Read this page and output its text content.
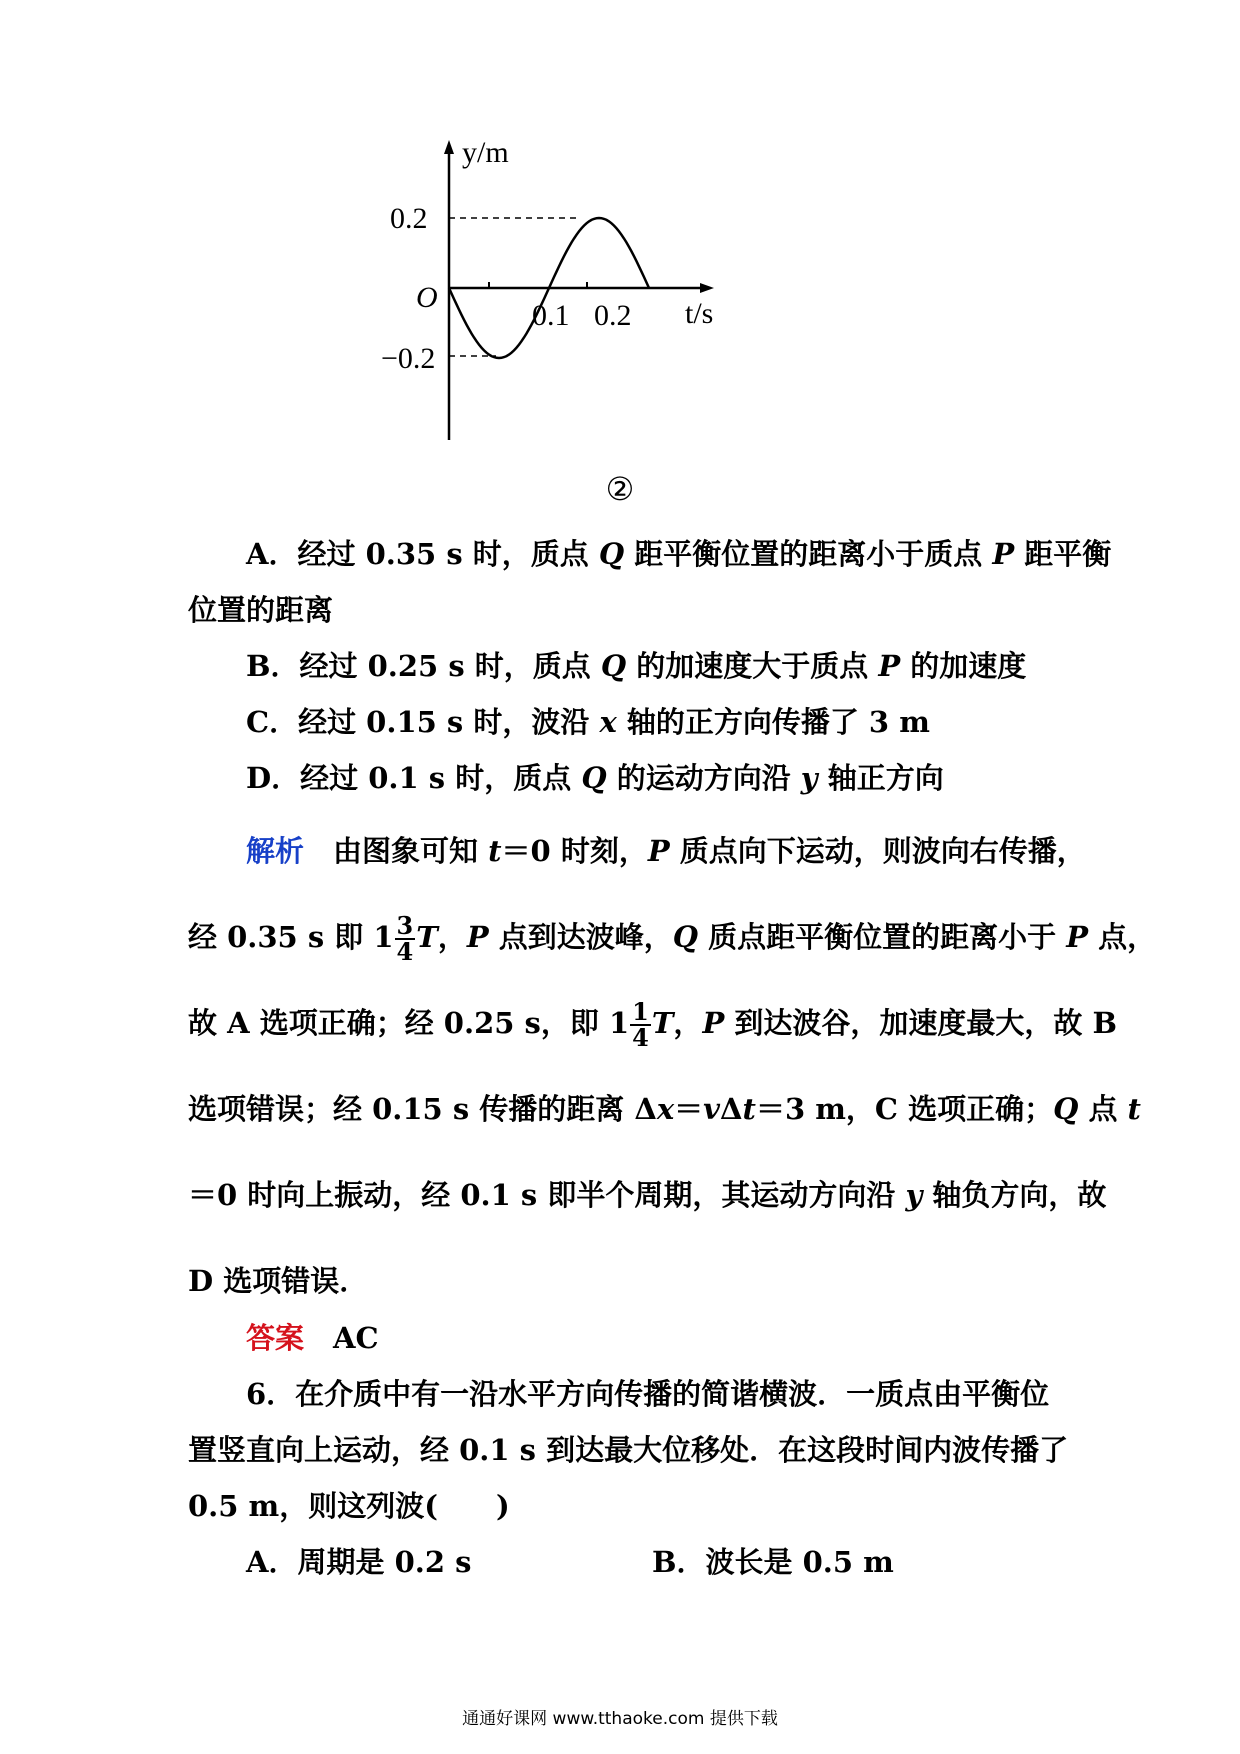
y/m
0.2
O
0.1 0.2 t/s
−0.2
②
A．经过 0.35 s 时，质点 Q 距平衡位置的距离小于质点 P 距平衡
位置的距离
B．经过 0.25 s 时，质点 Q 的加速度大于质点 P 的加速度
C．经过 0.15 s 时，波沿 x 轴的正方向传播了 3 m
D．经过 0.1 s 时，质点 Q 的运动方向沿 y 轴正方向
解析　 由图象可知 t＝0 时刻，P 质点向下运动，则波向右传播，
经 0.35 s 即 $1 \frac{3}{4}$ T，P 点到达波峰，Q 质点距平衡位置的距离小于 P 点，
故 A 选项正确；经 0.25 s，即 $1 \frac{1}{4}$ T，P 到达波谷，加速度最大，故 B
选项错误；经 0.15 s 传播的距离 Δx＝vΔt＝3 m，C 选项正确；Q 点 t
＝0 时向上振动，经 0.1 s 即半个周期，其运动方向沿 y 轴负方向，故
D 选项错误．
答案　 AC
6．在介质中有一沿水平方向传播的简谐横波．一质点由平衡位
置竖直向上运动，经 0.1 s 到达最大位移处．在这段时间内波传播了
0.5 m，则这列波(　　)
A．周期是 0.2 s	B．波长是 0.5 m
通通好课网 www.tthaoke.com 提供下载
